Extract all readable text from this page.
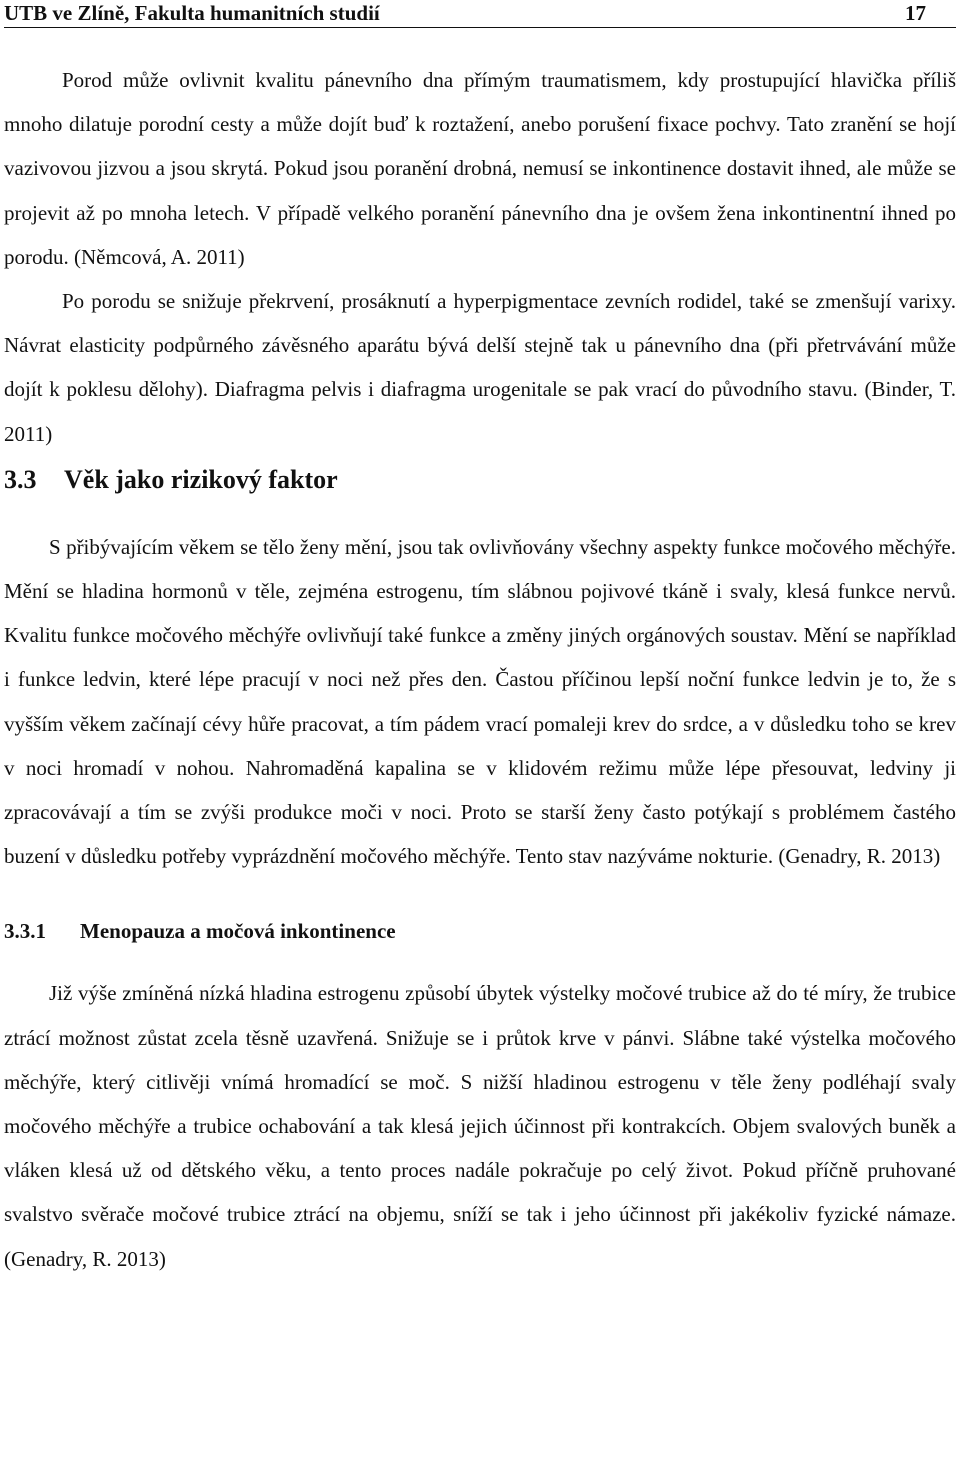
UTB ve Zlíně, Fakulta humanitních studií	17

Porod může ovlivnit kvalitu pánevního dna přímým traumatismem, kdy prostupující hlavička příliš mnoho dilatuje porodní cesty a může dojít buď k roztažení, anebo porušení fixace pochvy. Tato zranění se hojí vazivovou jizvou a jsou skrytá. Pokud jsou poranění drobná, nemusí se inkontinence dostavit ihned, ale může se projevit až po mnoha letech. V případě velkého poranění pánevního dna je ovšem žena inkontinentní ihned po porodu. (Němcová, A. 2011)

Po porodu se snižuje překrvení, prosáknutí a hyperpigmentace zevních rodidel, také se zmenšují varixy. Návrat elasticity podpůrného závěsného aparátu bývá delší stejně tak u pánevního dna (při přetrvávání může dojít k poklesu dělohy). Diafragma pelvis i diafragma urogenitale se pak vrací do původního stavu. (Binder, T. 2011)

3.3 Věk jako rizikový faktor

S přibývajícím věkem se tělo ženy mění, jsou tak ovlivňovány všechny aspekty funkce močového měchýře. Mění se hladina hormonů v těle, zejména estrogenu, tím slábnou pojivové tkáně i svaly, klesá funkce nervů. Kvalitu funkce močového měchýře ovlivňují také funkce a změny jiných orgánových soustav. Mění se například i funkce ledvin, které lépe pracují v noci než přes den. Častou příčinou lepší noční funkce ledvin je to, že s vyšším věkem začínají cévy hůře pracovat, a tím pádem vrací pomaleji krev do srdce, a v důsledku toho se krev v noci hromadí v nohou. Nahromaděná kapalina se v klidovém režimu může lépe přesouvat, ledviny ji zpracovávají a tím se zvýši produkce moči v noci. Proto se starší ženy často potýkají s problémem častého buzení v důsledku potřeby vyprázdnění močového měchýře. Tento stav nazýváme nokturie. (Genadry, R. 2013)

3.3.1 Menopauza a močová inkontinence

Již výše zmíněná nízká hladina estrogenu způsobí úbytek výstelky močové trubice až do té míry, že trubice ztrácí možnost zůstat zcela těsně uzavřená. Snižuje se i průtok krve v pánvi. Slábne také výstelka močového měchýře, který citlivěji vnímá hromadící se moč. S nižší hladinou estrogenu v těle ženy podléhají svaly močového měchýře a trubice ochabování a tak klesá jejich účinnost při kontrakcích. Objem svalových buněk a vláken klesá už od dětského věku, a tento proces nadále pokračuje po celý život. Pokud příčně pruhované svalstvo svěrače močové trubice ztrácí na objemu, sníží se tak i jeho účinnost při jakékoliv fyzické námaze. (Genadry, R. 2013)
